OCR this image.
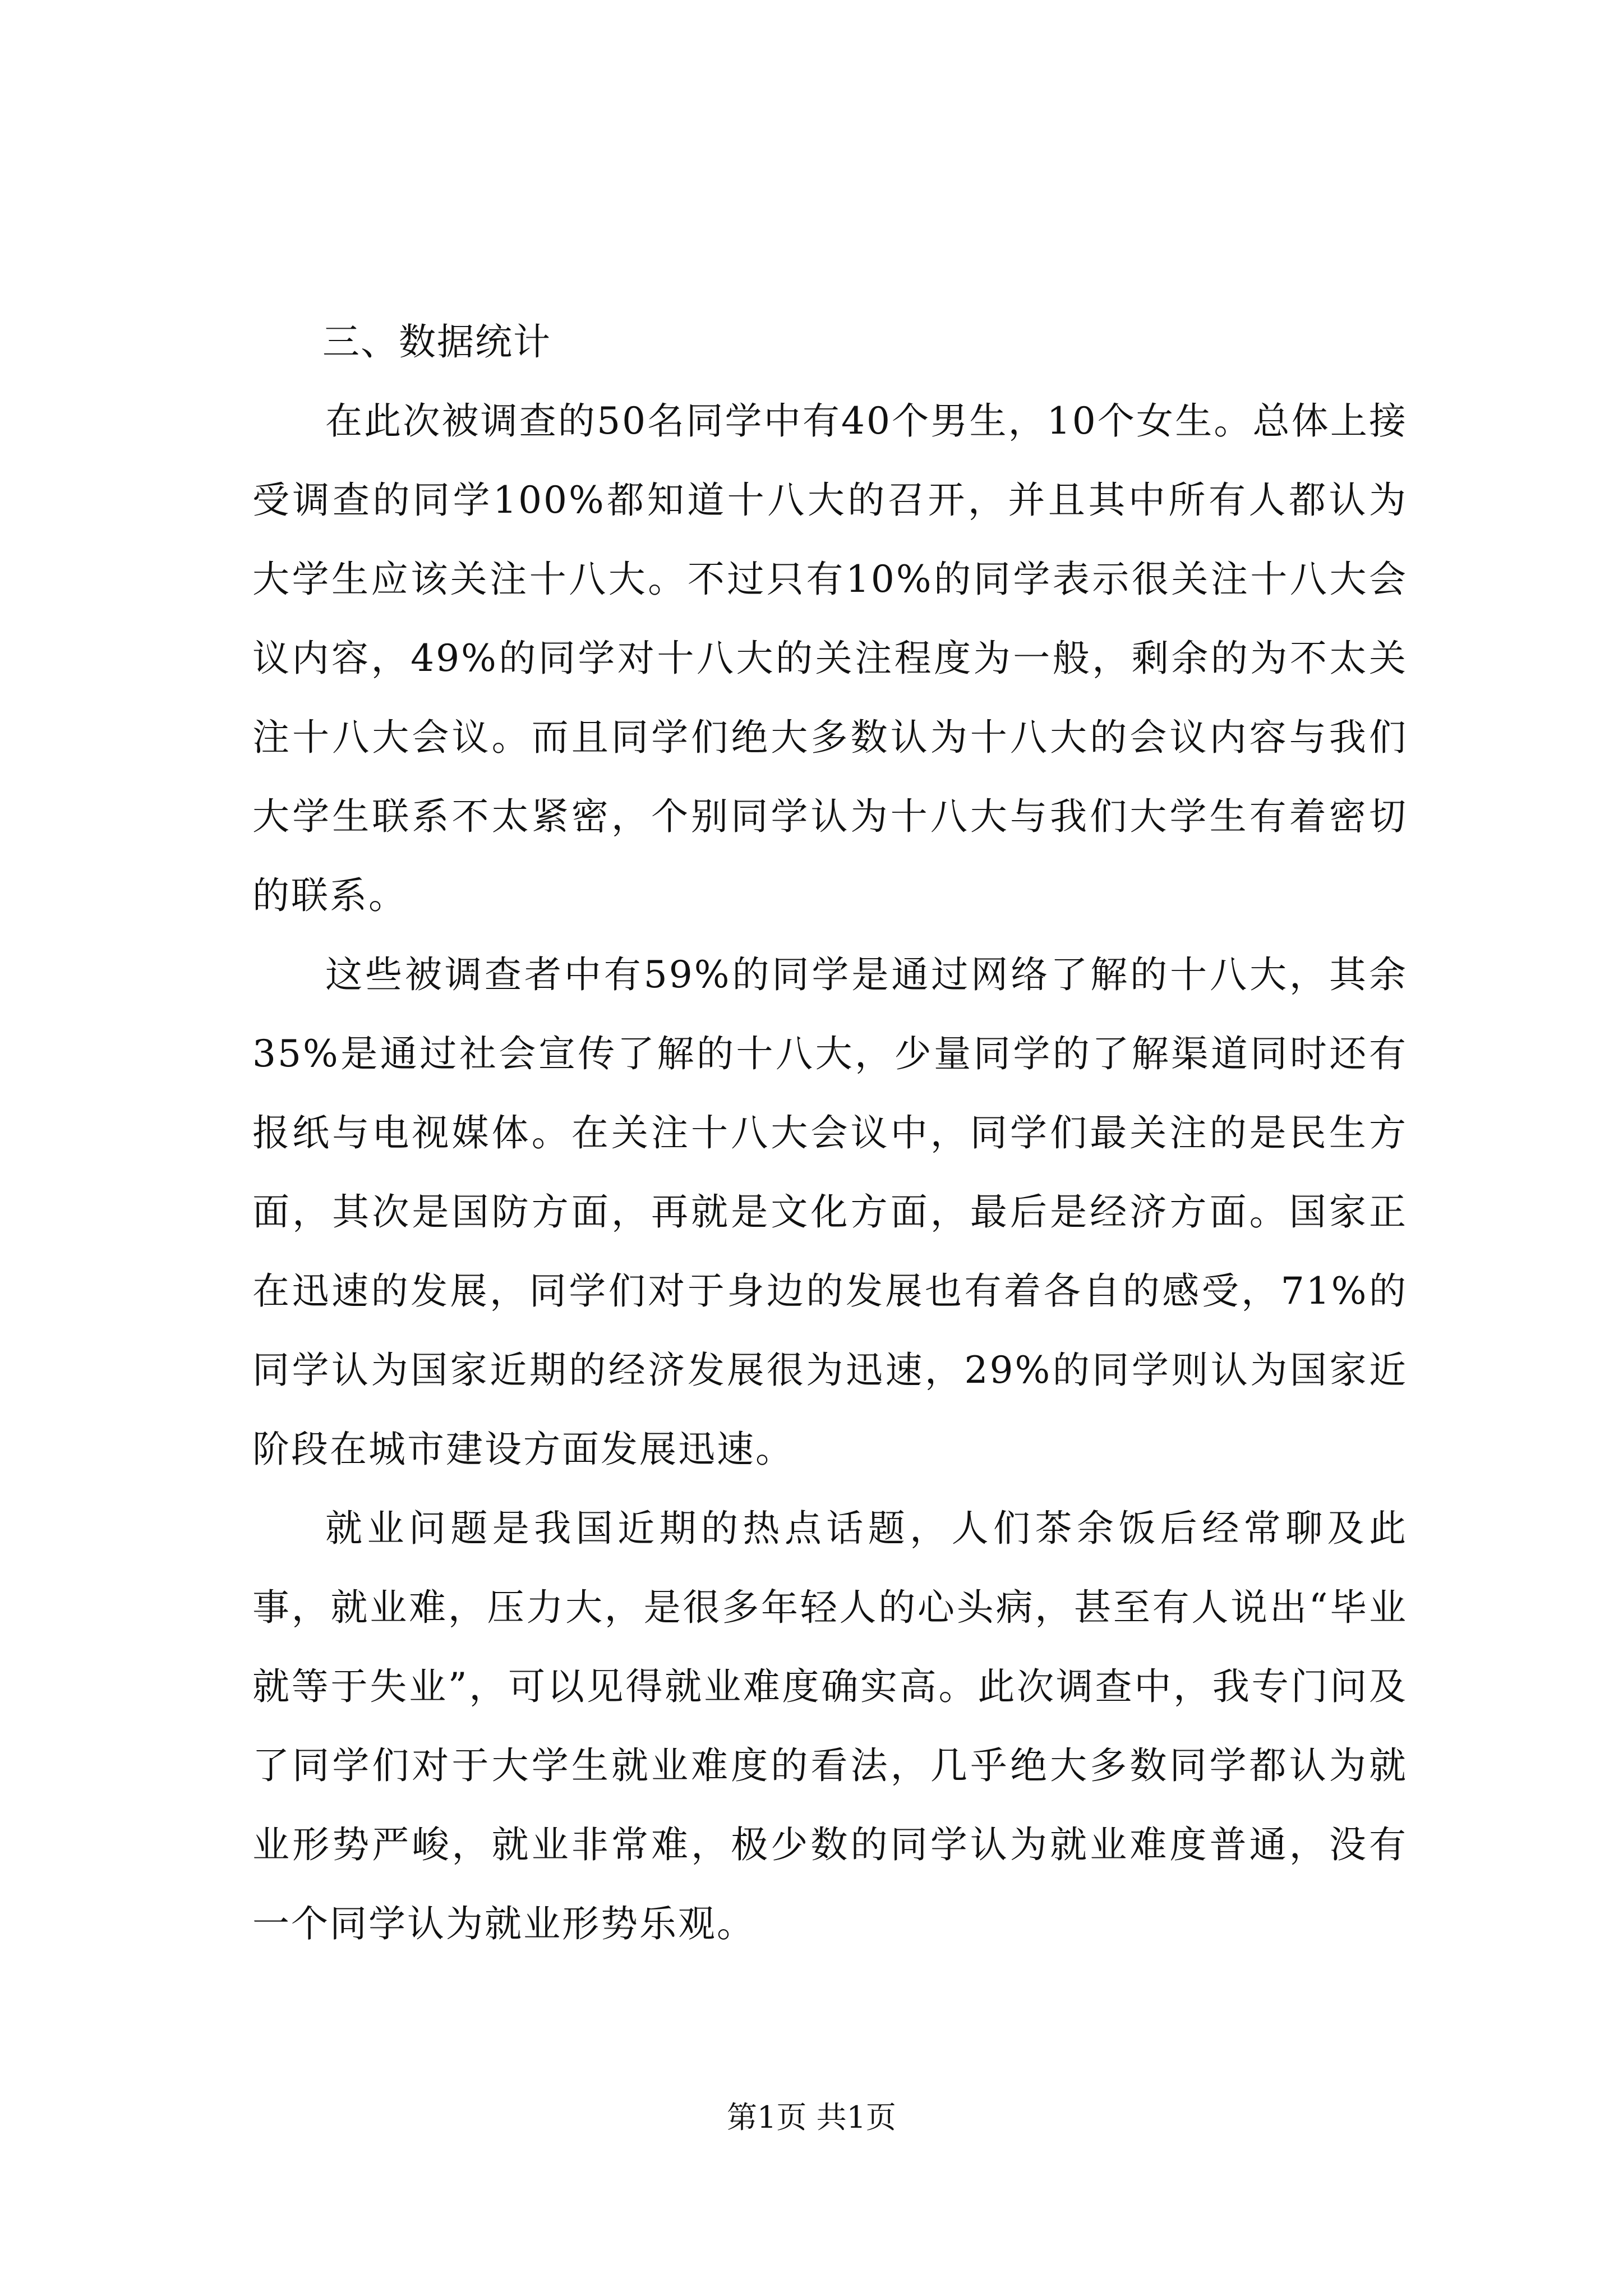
三、数据统计

在此次被调查的50名同学中有40个男生，10个女生。总体上接受调查的同学100%都知道十八大的召开，并且其中所有人都认为大学生应该关注十八大。不过只有10%的同学表示很关注十八大会议内容，49%的同学对十八大的关注程度为一般，剩余的为不太关注十八大会议。而且同学们绝大多数认为十八大的会议内容与我们大学生联系不太紧密，个别同学认为十八大与我们大学生有着密切的联系。

这些被调查者中有59%的同学是通过网络了解的十八大，其余35%是通过社会宣传了解的十八大，少量同学的了解渠道同时还有报纸与电视媒体。在关注十八大会议中，同学们最关注的是民生方面，其次是国防方面，再就是文化方面，最后是经济方面。国家正在迅速的发展，同学们对于身边的发展也有着各自的感受，71%的同学认为国家近期的经济发展很为迅速，29%的同学则认为国家近阶段在城市建设方面发展迅速。

就业问题是我国近期的热点话题，人们茶余饭后经常聊及此事，就业难，压力大，是很多年轻人的心头病，甚至有人说出“毕业就等于失业”，可以见得就业难度确实高。此次调查中，我专门问及了同学们对于大学生就业难度的看法，几乎绝大多数同学都认为就业形势严峻，就业非常难，极少数的同学认为就业难度普通，没有一个同学认为就业形势乐观。

第1页 共1页
